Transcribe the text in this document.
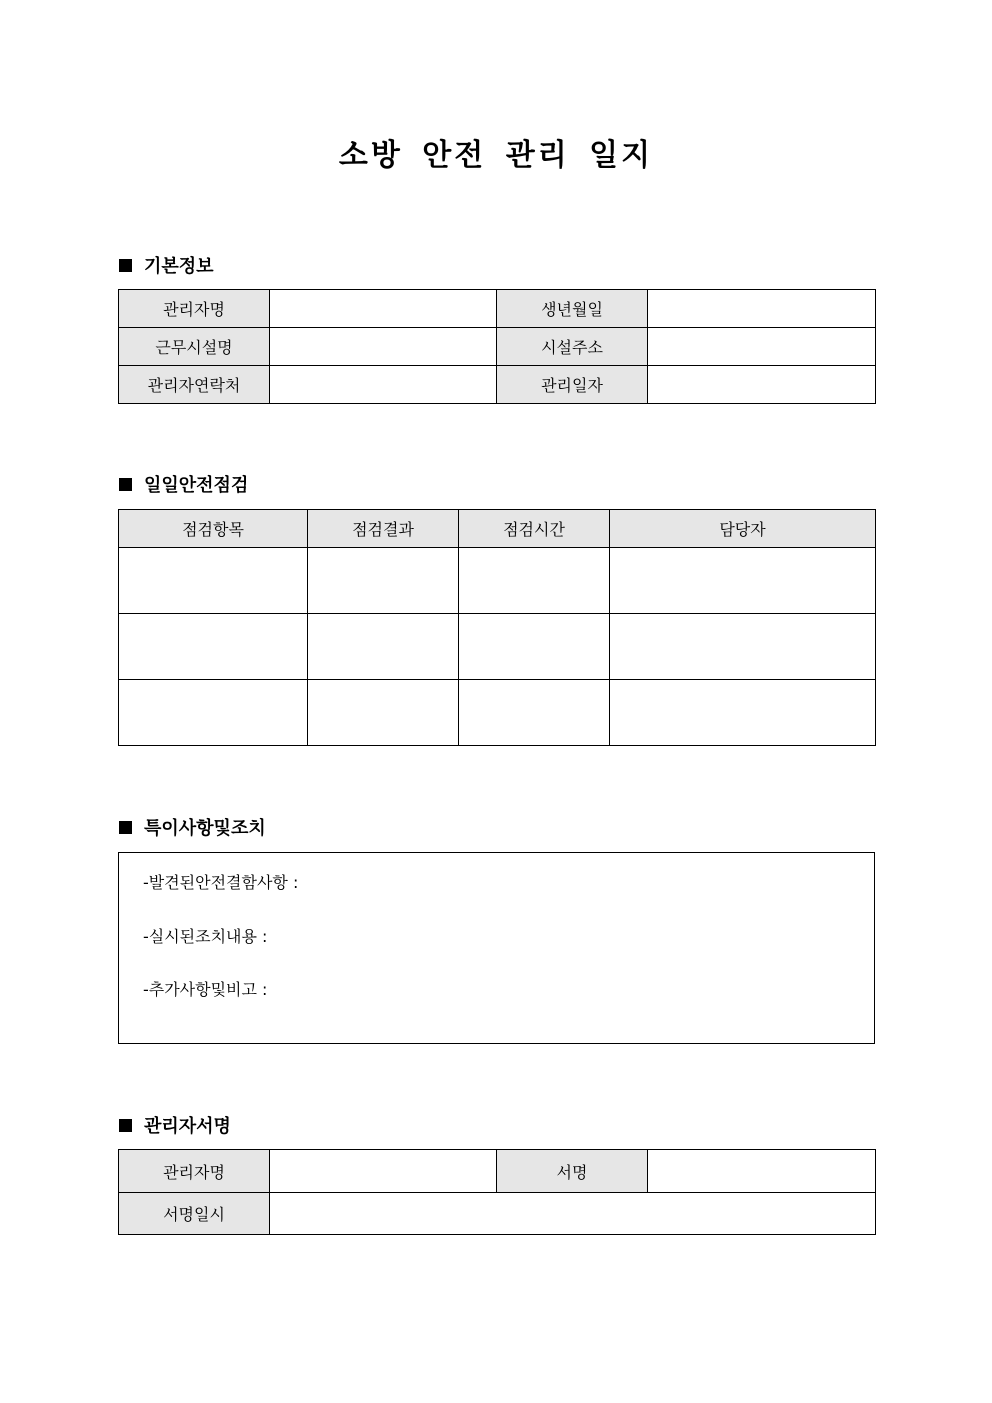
소방 안전 관리 일지
기본정보
관리자명		생년월일	
근무시설명		시설주소	
관리자연락처		관리일자	
일일안전점검
점검항목	점검결과	점검시간	담당자

특이사항및조치
-발견된안전결함사항 :
-실시된조치내용 :
-추가사항및비고 :
관리자서명
관리자명		서명	
서명일시			
